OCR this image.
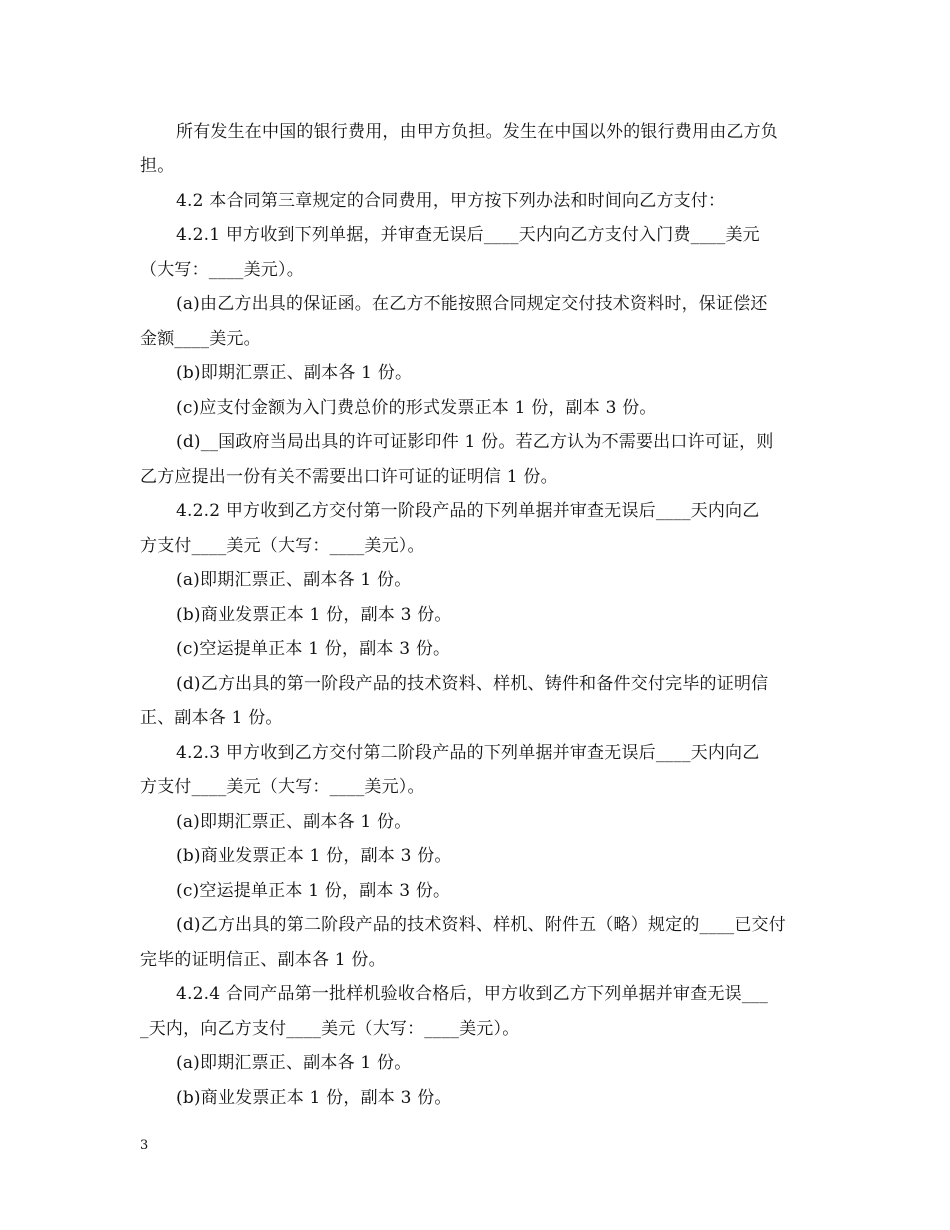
所有发生在中国的银行费用，由甲方负担。发生在中国以外的银行费用由乙方负
担。
4.2 本合同第三章规定的合同费用，甲方按下列办法和时间向乙方支付：
4.2.1 甲方收到下列单据，并审查无误后____天内向乙方支付入门费____美元
（大写：____美元）。
(a)由乙方出具的保证函。在乙方不能按照合同规定交付技术资料时，保证偿还
金额____美元。
(b)即期汇票正、副本各 1 份。
(c)应支付金额为入门费总价的形式发票正本 1 份，副本 3 份。
(d)__国政府当局出具的许可证影印件 1 份。若乙方认为不需要出口许可证，则
乙方应提出一份有关不需要出口许可证的证明信 1 份。
4.2.2 甲方收到乙方交付第一阶段产品的下列单据并审查无误后____天内向乙
方支付____美元（大写：____美元）。
(a)即期汇票正、副本各 1 份。
(b)商业发票正本 1 份，副本 3 份。
(c)空运提单正本 1 份，副本 3 份。
(d)乙方出具的第一阶段产品的技术资料、样机、铸件和备件交付完毕的证明信
正、副本各 1 份。
4.2.3 甲方收到乙方交付第二阶段产品的下列单据并审查无误后____天内向乙
方支付____美元（大写：____美元）。
(a)即期汇票正、副本各 1 份。
(b)商业发票正本 1 份，副本 3 份。
(c)空运提单正本 1 份，副本 3 份。
(d)乙方出具的第二阶段产品的技术资料、样机、附件五（略）规定的____已交付
完毕的证明信正、副本各 1 份。
4.2.4 合同产品第一批样机验收合格后，甲方收到乙方下列单据并审查无误___
_天内，向乙方支付____美元（大写：____美元）。
(a)即期汇票正、副本各 1 份。
(b)商业发票正本 1 份，副本 3 份。
3
